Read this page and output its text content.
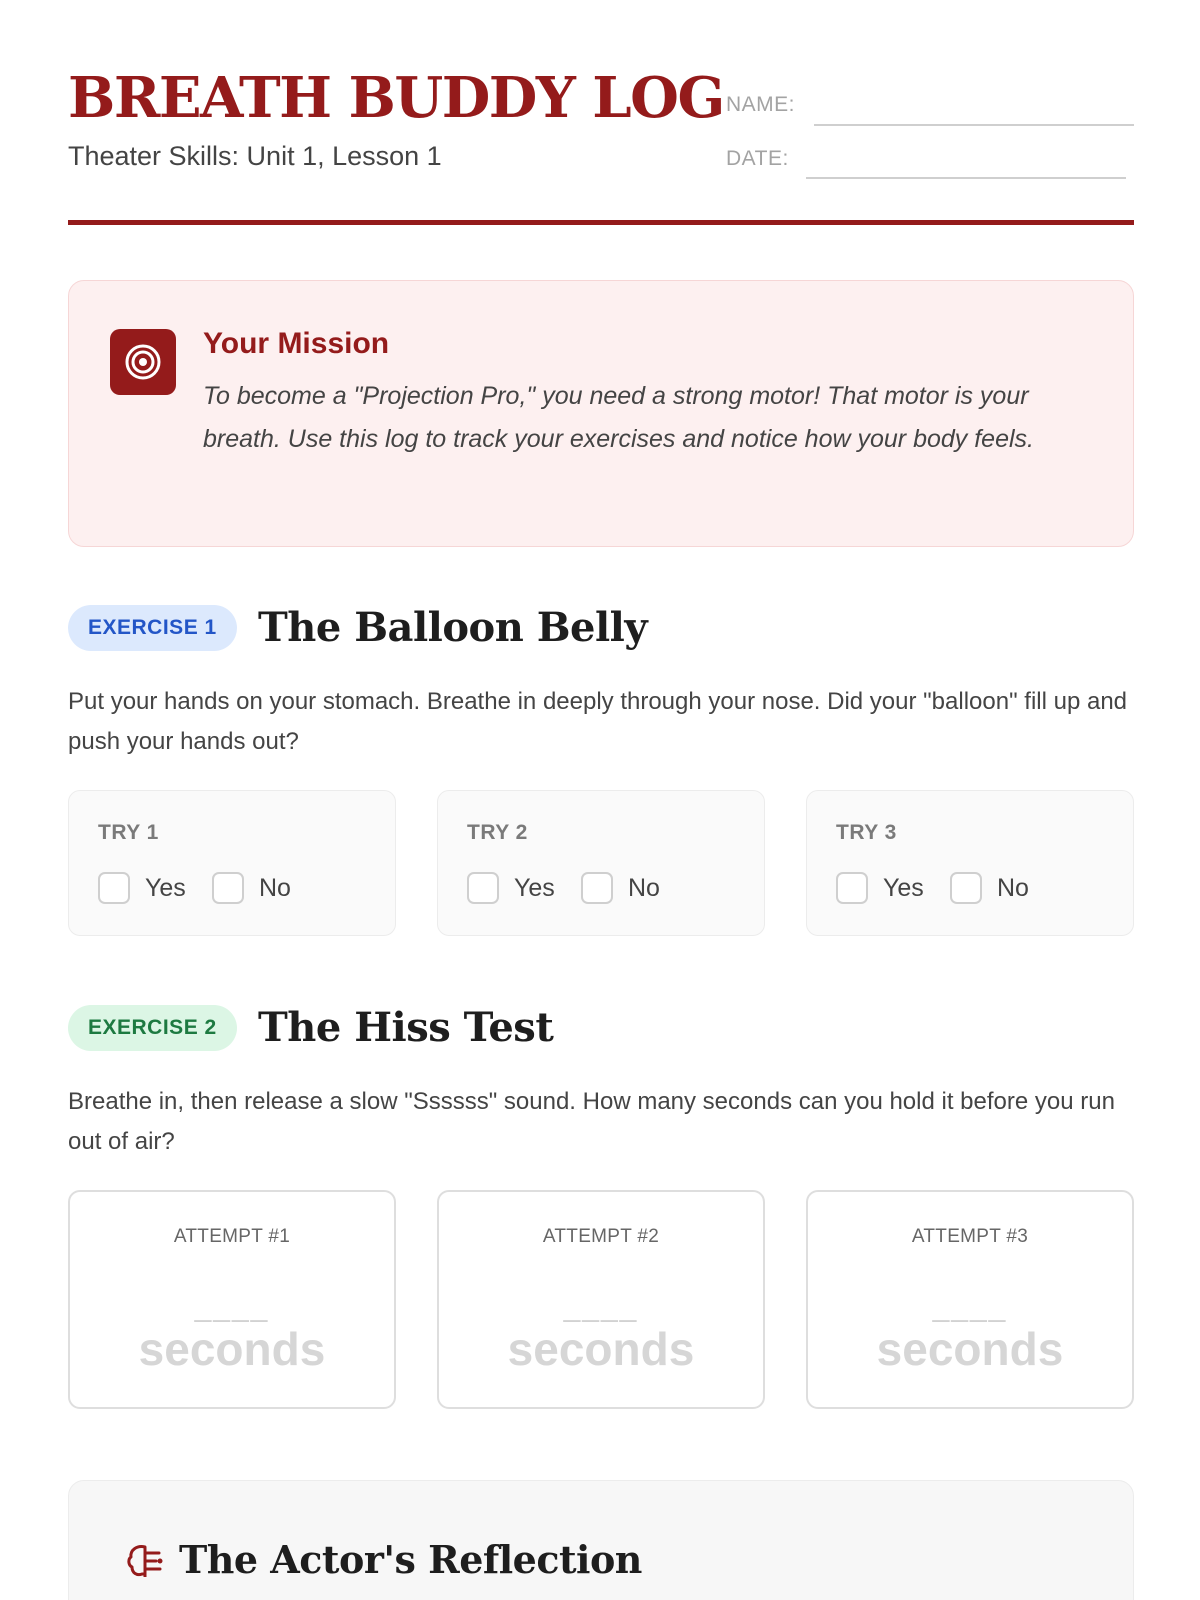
BREATH BUDDY LOG
Theater Skills: Unit 1, Lesson 1
NAME:
DATE:
Your Mission
To become a "Projection Pro," you need a strong motor! That motor is your breath. Use this log to track your exercises and notice how your body feels.
EXERCISE 1	The Balloon Belly
Put your hands on your stomach. Breathe in deeply through your nose. Did your "balloon" fill up and push your hands out?
TRY 1
Yes	No
TRY 2
Yes	No
TRY 3
Yes	No
EXERCISE 2	The Hiss Test
Breathe in, then release a slow "Ssssss" sound. How many seconds can you hold it before you run out of air?
ATTEMPT #1
____
seconds
ATTEMPT #2
____
seconds
ATTEMPT #3
____
seconds
The Actor's Reflection
